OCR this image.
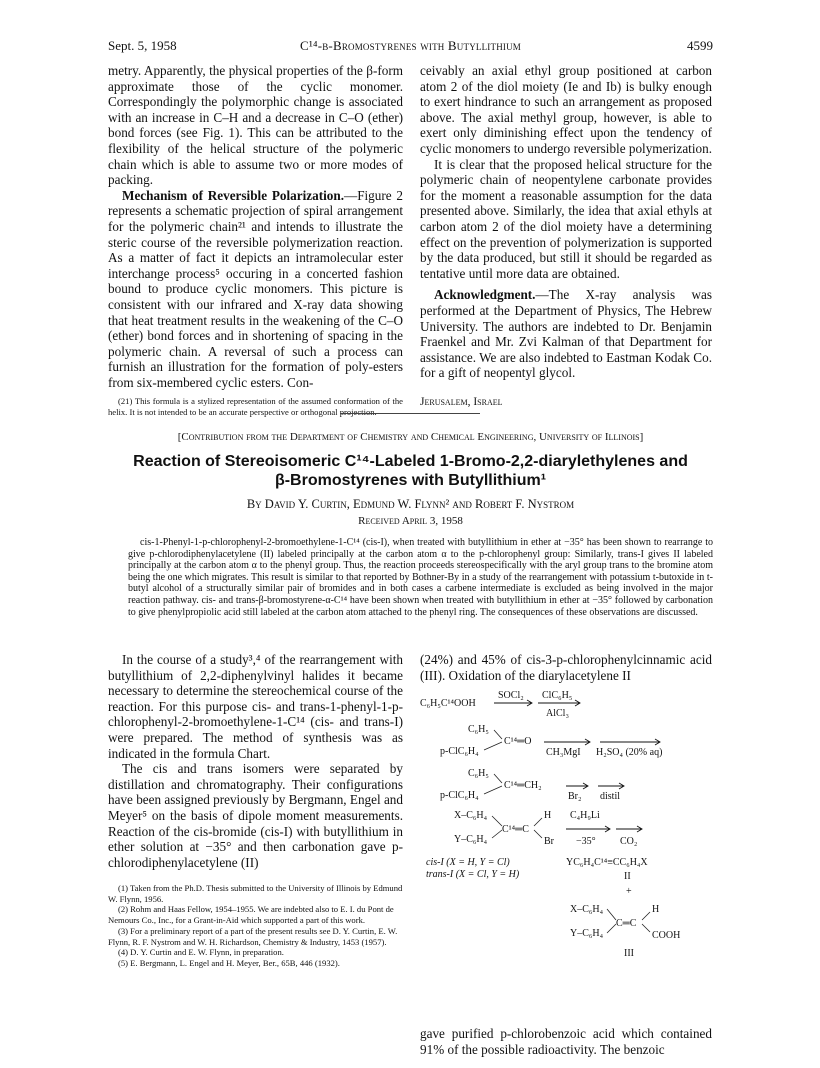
Sept. 5, 1958	C¹⁴-β-Bromostyrenes with Butyllithium	4599

metry. Apparently, the physical properties of the β-form approximate those of the cyclic monomer. Correspondingly the polymorphic change is associated with an increase in C–H and a decrease in C–O (ether) bond forces (see Fig. 1). This can be attributed to the flexibility of the helical structure of the polymeric chain which is able to assume two or more modes of packing.

Mechanism of Reversible Polarization.—Figure 2 represents a schematic projection of spiral arrangement for the polymeric chain²¹ and intends to illustrate the steric course of the reversible polymerization reaction. As a matter of fact it depicts an intramolecular ester interchange process⁵ occuring in a concerted fashion bound to produce cyclic monomers. This picture is consistent with our infrared and X-ray data showing that heat treatment results in the weakening of the C–O (ether) bond forces and in shortening of spacing in the polymeric chain. A reversal of such a process can furnish an illustration for the formation of poly-esters from six-membered cyclic esters. Con-

(21) This formula is a stylized representation of the assumed conformation of the helix. It is not intended to be an accurate perspective or orthogonal projection.

ceivably an axial ethyl group positioned at carbon atom 2 of the diol moiety (Ie and Ib) is bulky enough to exert hindrance to such an arrangement as proposed above. The axial methyl group, however, is able to exert only diminishing effect upon the tendency of cyclic monomers to undergo reversible polymerization.

It is clear that the proposed helical structure for the polymeric chain of neopentylene carbonate provides for the moment a reasonable assumption for the data presented above. Similarly, the idea that axial ethyls at carbon atom 2 of the diol moiety have a determining effect on the prevention of polymerization is supported by the data produced, but still it should be regarded as tentative until more data are obtained.

Acknowledgment.—The X-ray analysis was performed at the Department of Physics, The Hebrew University. The authors are indebted to Dr. Benjamin Fraenkel and Mr. Zvi Kalman of that Department for assistance. We are also indebted to Eastman Kodak Co. for a gift of neopentyl glycol.

Jerusalem, Israel
[Contribution from the Department of Chemistry and Chemical Engineering, University of Illinois]
Reaction of Stereoisomeric C¹⁴-Labeled 1-Bromo-2,2-diarylethylenes and
β-Bromostyrenes with Butyllithium¹
By David Y. Curtin, Edmund W. Flynn² and Robert F. Nystrom
Received April 3, 1958

cis-1-Phenyl-1-p-chlorophenyl-2-bromoethylene-1-C¹⁴ (cis-I), when treated with butyllithium in ether at −35° has been shown to rearrange to give p-chlorodiphenylacetylene (II) labeled principally at the carbon atom α to the p-chlorophenyl group: Similarly, trans-I gives II labeled principally at the carbon atom α to the phenyl group. Thus, the reaction proceeds stereospecifically with the aryl group trans to the bromine atom being the one which migrates. This result is similar to that reported by Bothner-By in a study of the rearrangement with potassium t-butoxide in t-butyl alcohol of a structurally similar pair of bromides and in both cases a carbene intermediate is excluded as being involved in the major reaction pathway. cis- and trans-β-bromostyrene-α-C¹⁴ have been shown when treated with butyllithium in ether at −35° followed by carbonation to give phenylpropiolic acid still labeled at the carbon atom attached to the phenyl ring. The consequences of these observations are discussed.

In the course of a study³,⁴ of the rearrangement with butyllithium of 2,2-diphenylvinyl halides it became necessary to determine the stereochemical course of the reaction. For this purpose cis- and trans-1-phenyl-1-p-chlorophenyl-2-bromoethylene-1-C¹⁴ (cis- and trans-I) were prepared. The method of synthesis was as indicated in the formula Chart.

The cis and trans isomers were separated by distillation and chromatography. Their configurations have been assigned previously by Bergmann, Engel and Meyer⁵ on the basis of dipole moment measurements. Reaction of the cis-bromide (cis-I) with butyllithium in ether solution at −35° and then carbonation gave p-chlorodiphenylacetylene (II)

(1) Taken from the Ph.D. Thesis submitted to the University of Illinois by Edmund W. Flynn, 1956.

(2) Rohm and Haas Fellow, 1954–1955. We are indebted also to E. I. du Pont de Nemours Co., Inc., for a Grant-in-Aid which supported a part of this work.

(3) For a preliminary report of a part of the present results see D. Y. Curtin, E. W. Flynn, R. F. Nystrom and W. H. Richardson, Chemistry & Industry, 1453 (1957).

(4) D. Y. Curtin and E. W. Flynn, in preparation.

(5) E. Bergmann, L. Engel and H. Meyer, Ber., 65B, 446 (1932).

(24%) and 45% of cis-3-p-chlorophenylcinnamic acid (III). Oxidation of the diarylacetylene II

C₆H₅C¹⁴OOH
SOCl₂ ClC₆H₅
AlCl₃
C₆H₅
p-ClC₆H₄
C¹⁴═O
CH₃MgI H₂SO₄ (20% aq)
C₆H₅
p-ClC₆H₄
C¹⁴═CH₂
Br₂ distil
X–C₆H₄
Y–C₆H₄
C¹⁴═C
H
Br
C₄H₉Li
−35° CO₂
cis-I (X = H, Y = Cl)
trans-I (X = Cl, Y = H)
YC₆H₄C¹⁴≡CC₆H₄X
II
+
X–C₆H₄
Y–C₆H₄
C═C
H
COOH
III

gave purified p-chlorobenzoic acid which contained 91% of the possible radioactivity. The benzoic
